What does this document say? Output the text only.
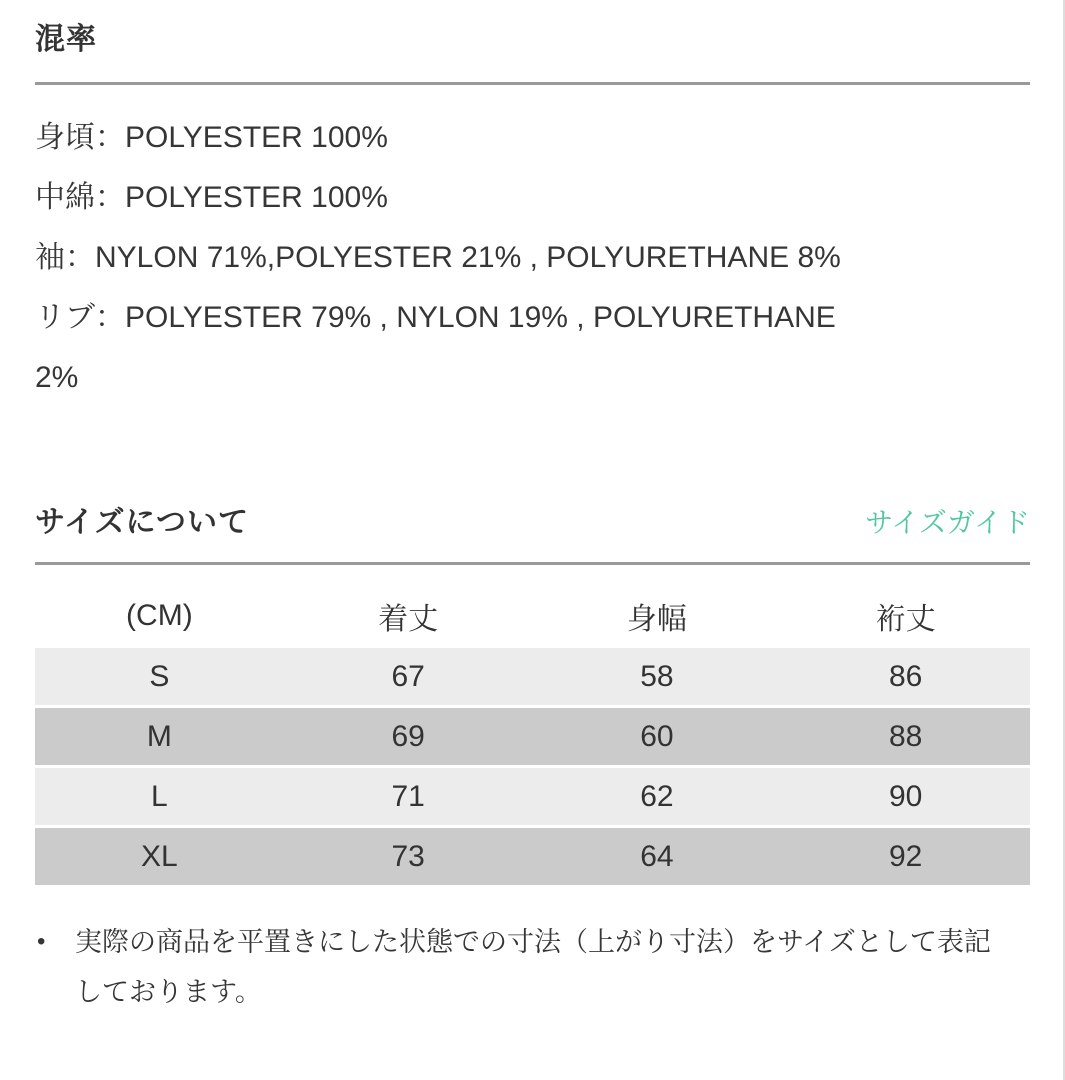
混率

身頃：POLYESTER 100%

中綿：POLYESTER 100%

袖：NYLON 71%,POLYESTER 21% , POLYURETHANE 8%

リブ：POLYESTER 79% , NYLON 19% , POLYURETHANE

2%

サイズについて	サイズガイド
(CM)	着丈	身幅	裄丈
S	67	58	86
M	69	60	88
L	71	62	90
XL	73	64	92
•	実際の商品を平置きにした状態での寸法（上がり寸法）をサイズとして表記しております。
